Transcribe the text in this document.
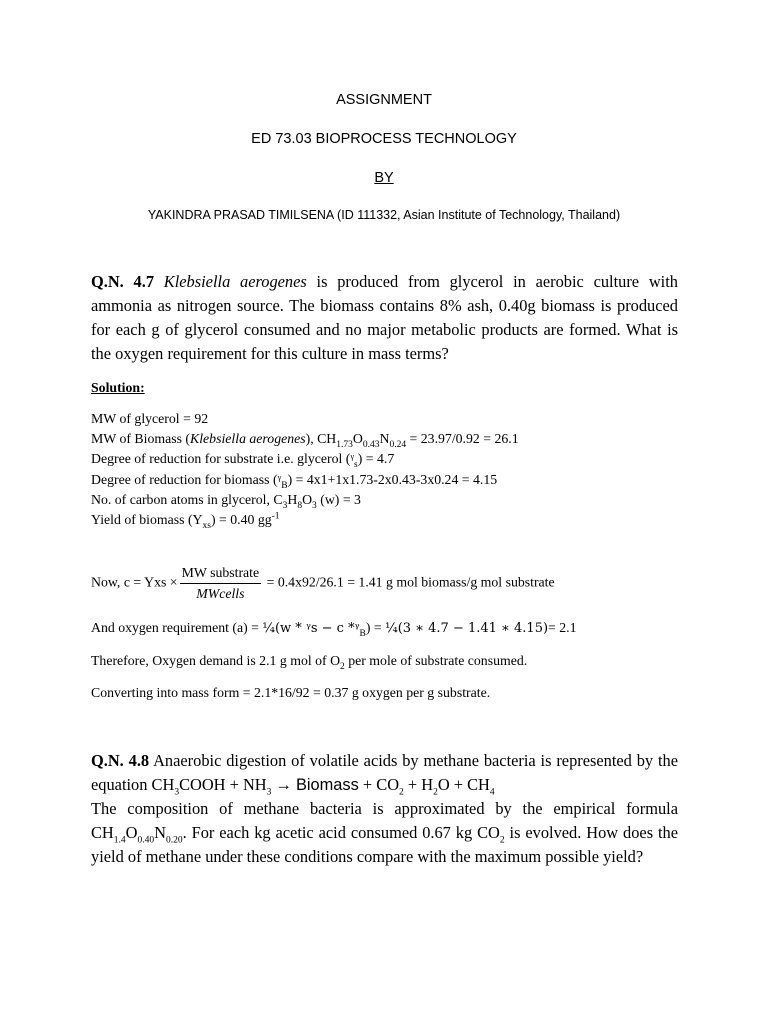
ASSIGNMENT
ED 73.03 BIOPROCESS TECHNOLOGY
BY
YAKINDRA PRASAD TIMILSENA (ID 111332, Asian Institute of Technology, Thailand)
Q.N. 4.7 Klebsiella aerogenes is produced from glycerol in aerobic culture with ammonia as nitrogen source. The biomass contains 8% ash, 0.40g biomass is produced for each g of glycerol consumed and no major metabolic products are formed. What is the oxygen requirement for this culture in mass terms?
Solution:
MW of glycerol = 92
MW of Biomass (Klebsiella aerogenes), $CH_{1.73}O_{0.43}N_{0.24} = 23.97/0.92 = 26.1$
Degree of reduction for substrate i.e. glycerol (ᵞ$_s$) = 4.7
Degree of reduction for biomass (ᵞ$_B$) = 4x1+1x1.73-2x0.43-3x0.24 = 4.15
No. of carbon atoms in glycerol, $C_3H_8O_3$ (w) = 3
Yield of biomass $(Y_{xs}) = 0.40$ $gg^{-1}$
Now, c = Yxs × $\frac{\text{MW substrate}}{\text{MWcells}} = 0.4x92/26.1 = 1.41$ g mol biomass/g mol substrate
And oxygen requirement (a) = ¼(w * ᵞs − c *ᵞ$_B$) = ¼(3 ∗ 4.7 − 1.41 ∗ 4.15)= 2.1
Therefore, Oxygen demand is 2.1 g mol of $O_2$ per mole of substrate consumed.
Converting into mass form = 2.1*16/92 = 0.37 g oxygen per g substrate.
Q.N. 4.8 Anaerobic digestion of volatile acids by methane bacteria is represented by the equation $CH_3COOH + NH_3$ → Biomass + $CO_2 + H_2O + CH_4$
The composition of methane bacteria is approximated by the empirical formula $CH_{1.4}O_{0.40}N_{0.20}$. For each kg acetic acid consumed 0.67 kg $CO_2$ is evolved. How does the yield of methane under these conditions compare with the maximum possible yield?
